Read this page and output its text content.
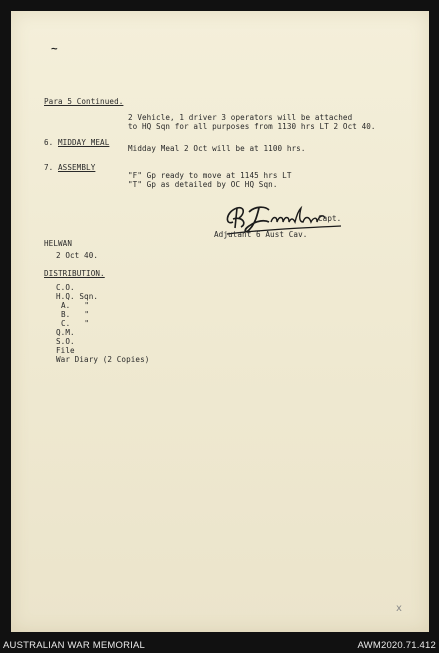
~
Para 5 Continued.
2 Vehicle, 1 driver 3 operators will be attached
to HQ Sqn for all purposes from 1130 hrs LT 2 Oct 40.
6. MIDDAY MEAL
Midday Meal 2 Oct will be at 1100 hrs.
7. ASSEMBLY
"F" Gp ready to move at 1145 hrs LT
"T" Gp as detailed by OC HQ Sqn.
Capt.
Adjutant 6 Aust Cav.
HELWAN
2 Oct 40.
DISTRIBUTION.
C.O.
H.Q. Sqn.
A.   "
B.   "
C.   "
Q.M.
S.O.
File
War Diary (2 Copies)
x
AUSTRALIAN WAR MEMORIAL	AWM2020.71.412
